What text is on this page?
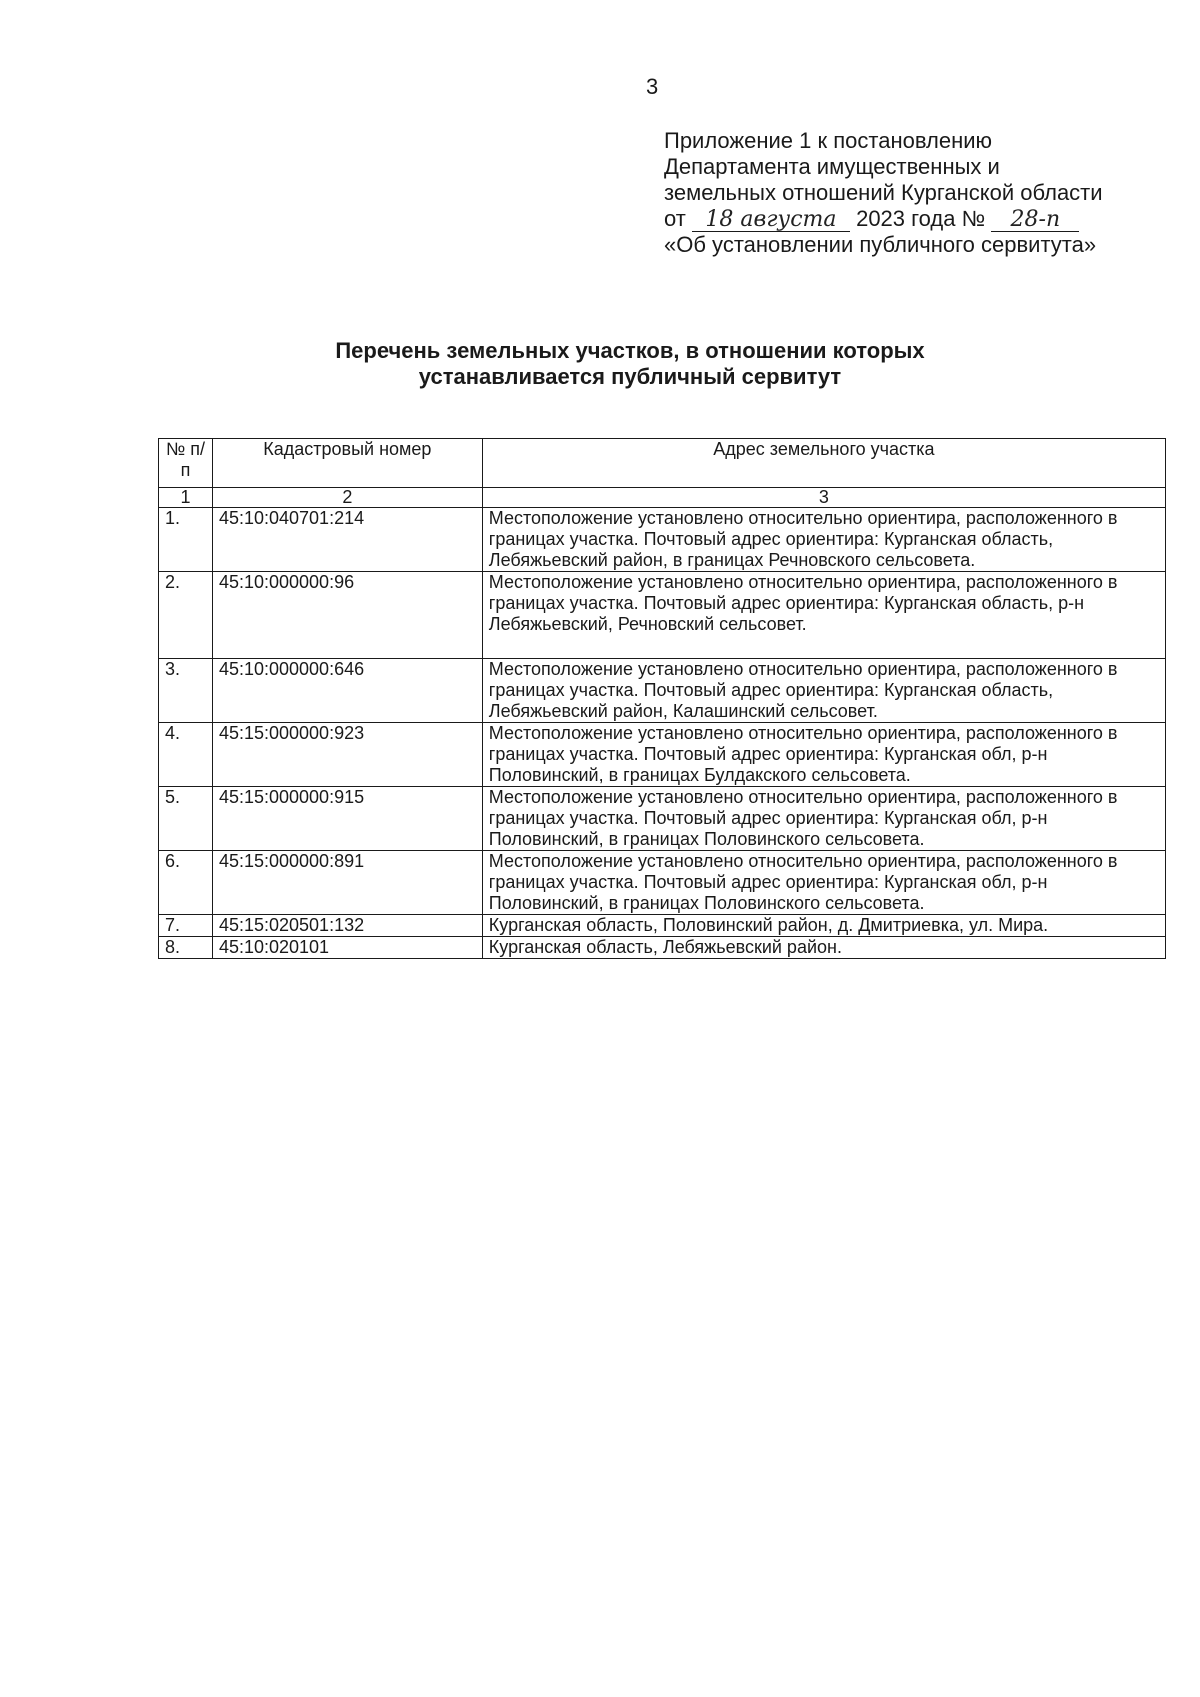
3
Приложение 1 к постановлению
Департамента имущественных и
земельных отношений Курганской области
от 18 августа 2023 года № 28-п
«Об установлении публичного сервитута»
Перечень земельных участков, в отношении которых
устанавливается публичный сервитут
№ п/п	Кадастровый номер	Адрес земельного участка
1	2	3
1.	45:10:040701:214	Местоположение установлено относительно ориентира, расположенного в границах участка. Почтовый адрес ориентира: Курганская область, Лебяжьевский район, в границах Речновского сельсовета.
2.	45:10:000000:96	Местоположение установлено относительно ориентира, расположенного в границах участка. Почтовый адрес ориентира: Курганская область, р-н Лебяжьевский, Речновский сельсовет.
3.	45:10:000000:646	Местоположение установлено относительно ориентира, расположенного в границах участка. Почтовый адрес ориентира: Курганская область, Лебяжьевский район, Калашинский сельсовет.
4.	45:15:000000:923	Местоположение установлено относительно ориентира, расположенного в границах участка. Почтовый адрес ориентира: Курганская обл, р-н Половинский, в границах Булдакского сельсовета.
5.	45:15:000000:915	Местоположение установлено относительно ориентира, расположенного в границах участка. Почтовый адрес ориентира: Курганская обл, р-н Половинский, в границах Половинского сельсовета.
6.	45:15:000000:891	Местоположение установлено относительно ориентира, расположенного в границах участка. Почтовый адрес ориентира: Курганская обл, р-н Половинский, в границах Половинского сельсовета.
7.	45:15:020501:132	Курганская область, Половинский район, д. Дмитриевка, ул. Мира.
8.	45:10:020101	Курганская область, Лебяжьевский район.
